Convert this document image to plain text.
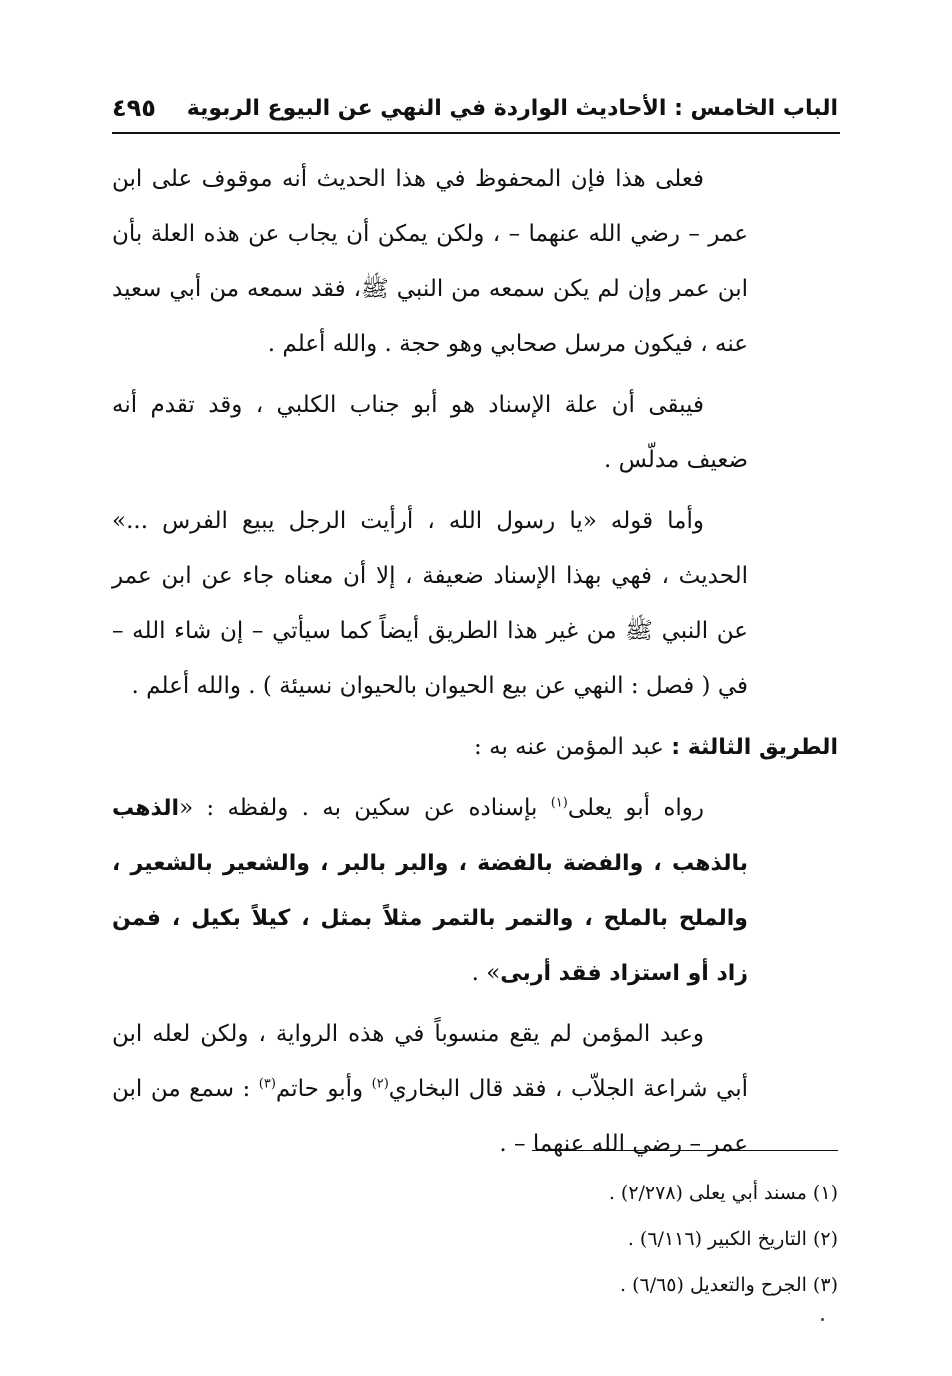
الباب الخامس : الأحاديث الواردة في النهي عن البيوع الربوية
٤٩٥

فعلى هذا فإن المحفوظ في هذا الحديث أنه موقوف على ابن عمر – رضي الله عنهما – ، ولكن يمكن أن يجاب عن هذه العلة بأن ابن عمر وإن لم يكن سمعه من النبي ﷺ، فقد سمعه من أبي سعيد عنه ، فيكون مرسل صحابي وهو حجة . والله أعلم .

فيبقى أن علة الإسناد هو أبو جناب الكلبي ، وقد تقدم أنه ضعيف مدلّس .

وأما قوله «يا رسول الله ، أرأيت الرجل يبيع الفرس ...» الحديث ، فهي بهذا الإسناد ضعيفة ، إلا أن معناه جاء عن ابن عمر عن النبي ﷺ من غير هذا الطريق أيضاً كما سيأتي – إن شاء الله – في ( فصل : النهي عن بيع الحيوان بالحيوان نسيئة ) . والله أعلم .

الطريق الثالثة : عبد المؤمن عنه به :

رواه أبو يعلى$^{(١)}$ بإسناده عن سكين به . ولفظه : «الذهب بالذهب ، والفضة بالفضة ، والبر بالبر ، والشعير بالشعير ، والملح بالملح ، والتمر بالتمر مثلاً بمثل ، كيلاً بكيل ، فمن زاد أو استزاد فقد أربى» .

وعبد المؤمن لم يقع منسوباً في هذه الرواية ، ولكن لعله ابن أبي شراعة الجلاّب ، فقد قال البخاري$^{(٢)}$ وأبو حاتم$^{(٣)}$ : سمع من ابن عمر – رضي الله عنهما – .

(١) مسند أبي يعلى (٢/٢٧٨) .
(٢) التاريخ الكبير (٦/١١٦) .
(٣) الجرح والتعديل (٦/٦٥) .
